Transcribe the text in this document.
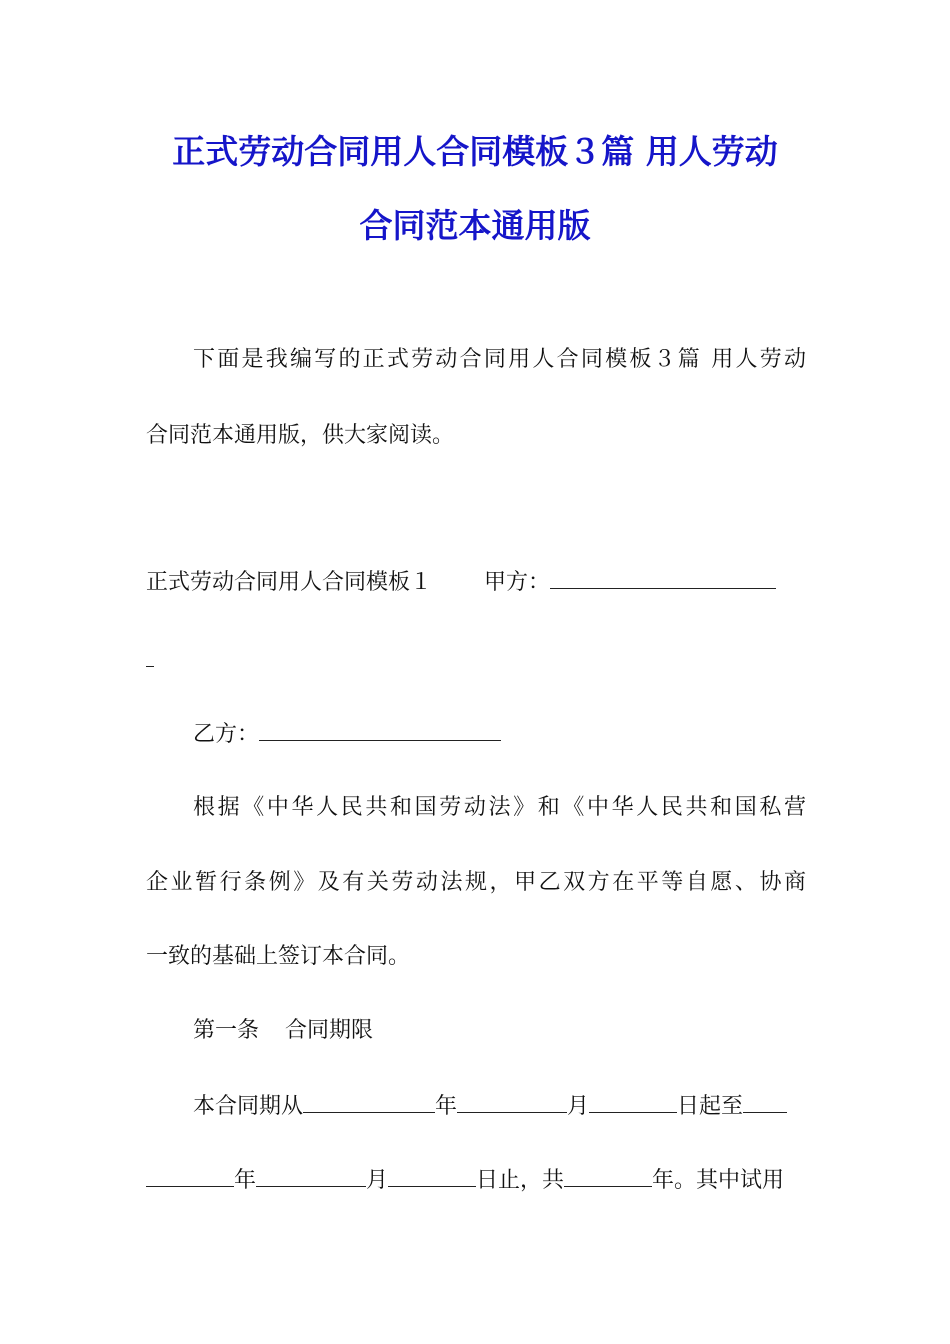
正式劳动合同用人合同模板３篇 用人劳动
合同范本通用版
下面是我编写的正式劳动合同用人合同模板３篇 用人劳动
合同范本通用版，供大家阅读。
正式劳动合同用人合同模板１ 甲方：
乙方：
根据《中华人民共和国劳动法》和《中华人民共和国私营
企业暂行条例》及有关劳动法规，甲乙双方在平等自愿、协商
一致的基础上签订本合同。
第一条 合同期限
本合同期从	年	月	日起至
年	月	日止，共	年。其中试用
